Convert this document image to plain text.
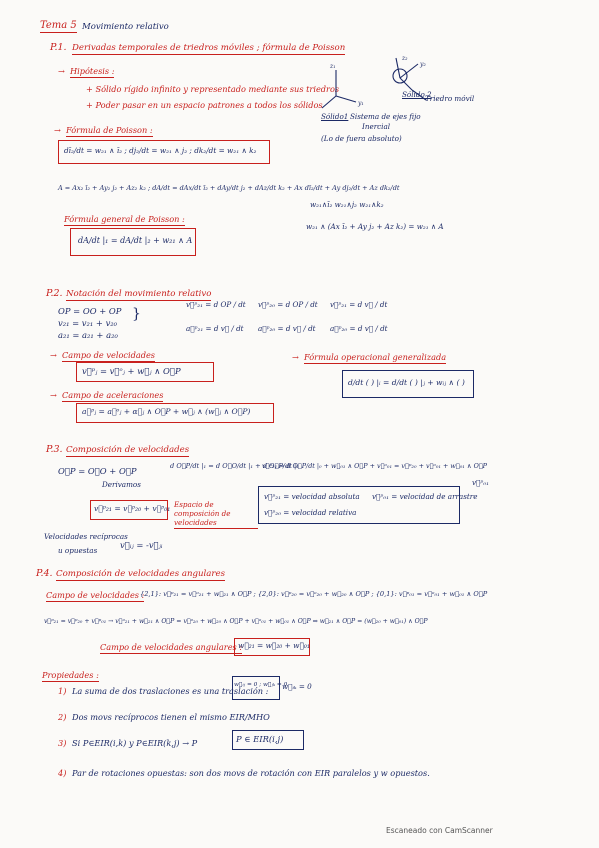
Tema 5 Movimiento relativo
P.1. Derivadas temporales de triedros móviles ; fórmula de Poisson
→ Hipótesis :
+ Sólido rígido infinito y representado mediante sus triedros
+ Poder pasar en un espacio patrones a todos los sólidos
z₁
y₁
z₂
y₂
Sólido1 Sistema de ejes fijo
Inercial
(Lo de fuera absoluto)
Sólido 2
Triedro móvil
→ Fórmula de Poisson :
dī₂/dt = w₂₁ ∧ ī₂ ; dj₂/dt = w₂₁ ∧ j₂ ; dk₂/dt = w₂₁ ∧ k₂
A = Ax₂ ī₂ + Ay₂ j₂ + Az₂ k₂ ; dA/dt = dAx/dt ī₂ + dAy/dt j₂ + dAz/dt k₂ + Ax dī₂/dt + Ay dj₂/dt + Az dk₂/dt
w₂₁∧ī₂ w₂₁∧j₂ w₂₁∧k₂
w₂₁ ∧ (Ax ī₂ + Ay j₂ + Az k₂) = w₂₁ ∧ A
Fórmula general de Poisson :
dA/dt |₁ = dA/dt |₂ + w₂₁ ∧ A
P.2. Notación del movimiento relativo
OP = OO + OP
v₂₁ = v₂₁ + v₂₀
a₂₁ = a₂₁ + a₂₀
}
v⃗ᵖ₂₁ = d OP / dt v⃗ᵖ₂₀ = d OP / dt v⃗ᵖ₂₁ = d v⃗ / dt
a⃗ᵖ₂₁ = d v⃗ / dt a⃗ᵖ₂₀ = d v⃗ / dt a⃗ᵖ₂₀ = d v⃗ / dt
→ Campo de velocidades
v⃗ᵖⱼ = v⃗ᵒⱼ + w⃗ⱼ ∧ O⃗P
→ Fórmula operacional generalizada
d/dt ( ) |ᵢ = d/dt ( ) |ⱼ + wᵢⱼ ∧ ( )
→ Campo de aceleraciones
a⃗ᵖⱼ = a⃗ᵒⱼ + α⃗ⱼ ∧ O⃗P + w⃗ⱼ ∧ (w⃗ⱼ ∧ O⃗P)
P.3. Composición de velocidades
O⃗P = O⃗O + O⃗P
Derivamos
d O⃗P/dt |₁ = d O⃗O/dt |₁ + d O⃗P/dt |₁
v⃗ᵖ₂₁ = d O⃗P/dt |₀ + w⃗₀₁ ∧ O⃗P + v⃗ᵒ₀₁ = v⃗ᵖ₂₀ + v⃗ᵒ₀₁ + w⃗₀₁ ∧ O⃗P
v⃗ᵖ₀₁
v⃗ᵖ₂₁ = v⃗ᵖ₂₀ + v⃗ᵖ₀₁ Espacio de composición de velocidades
v⃗ᵖ₂₁ = velocidad absoluta v⃗ᵖ₀₁ = velocidad de arrastre
v⃗ᵖ₂₀ = velocidad relativa
Velocidades recíprocas
u opuestas
v⃗ᵢⱼ = -v⃗ⱼᵢ
P.4. Composición de velocidades angulares
Campo de velocidades :
{2,1}: v⃗ᵖ₂₁ = v⃗ᵒ₂₁ + w⃗₂₁ ∧ O⃗P ; {2,0}: v⃗ᵖ₂₀ = v⃗ᵒ₂₀ + w⃗₂₀ ∧ O⃗P ; {0,1}: v⃗ᵖ₀₁ = v⃗ᵒ₀₁ + w⃗₀₁ ∧ O⃗P
v⃗ᵖ₂₁ = v⃗ᵖ₂₀ + v⃗ᵖ₀₁ → v⃗ᵒ₂₁ + w⃗₂₁ ∧ O⃗P = v⃗ᵒ₂₀ + w⃗₂₀ ∧ O⃗P + v⃗ᵒ₀₁ + w⃗₀₁ ∧ O⃗P ⇒ w⃗₂₁ ∧ O⃗P = (w⃗₂₀ + w⃗₀₁) ∧ O⃗P
Campo de velocidades angulares :
w⃗₂₁ = w⃗₂₀ + w⃗₀₁
Propiedades :
1) La suma de dos traslaciones es una traslación :
w⃗ᵢⱼ = 0 ; w⃗ⱼₖ = 0
w⃗ᵢₖ = 0
2) Dos movs recíprocos tienen el mismo EIR/MHO
3) Si P∈EIR(i,k) y P∈EIR(k,j) → P	P ∈ EIR(i,j)
4) Par de rotaciones opuestas: son dos movs de rotación con EIR paralelos y w opuestos.
Escaneado con CamScanner
